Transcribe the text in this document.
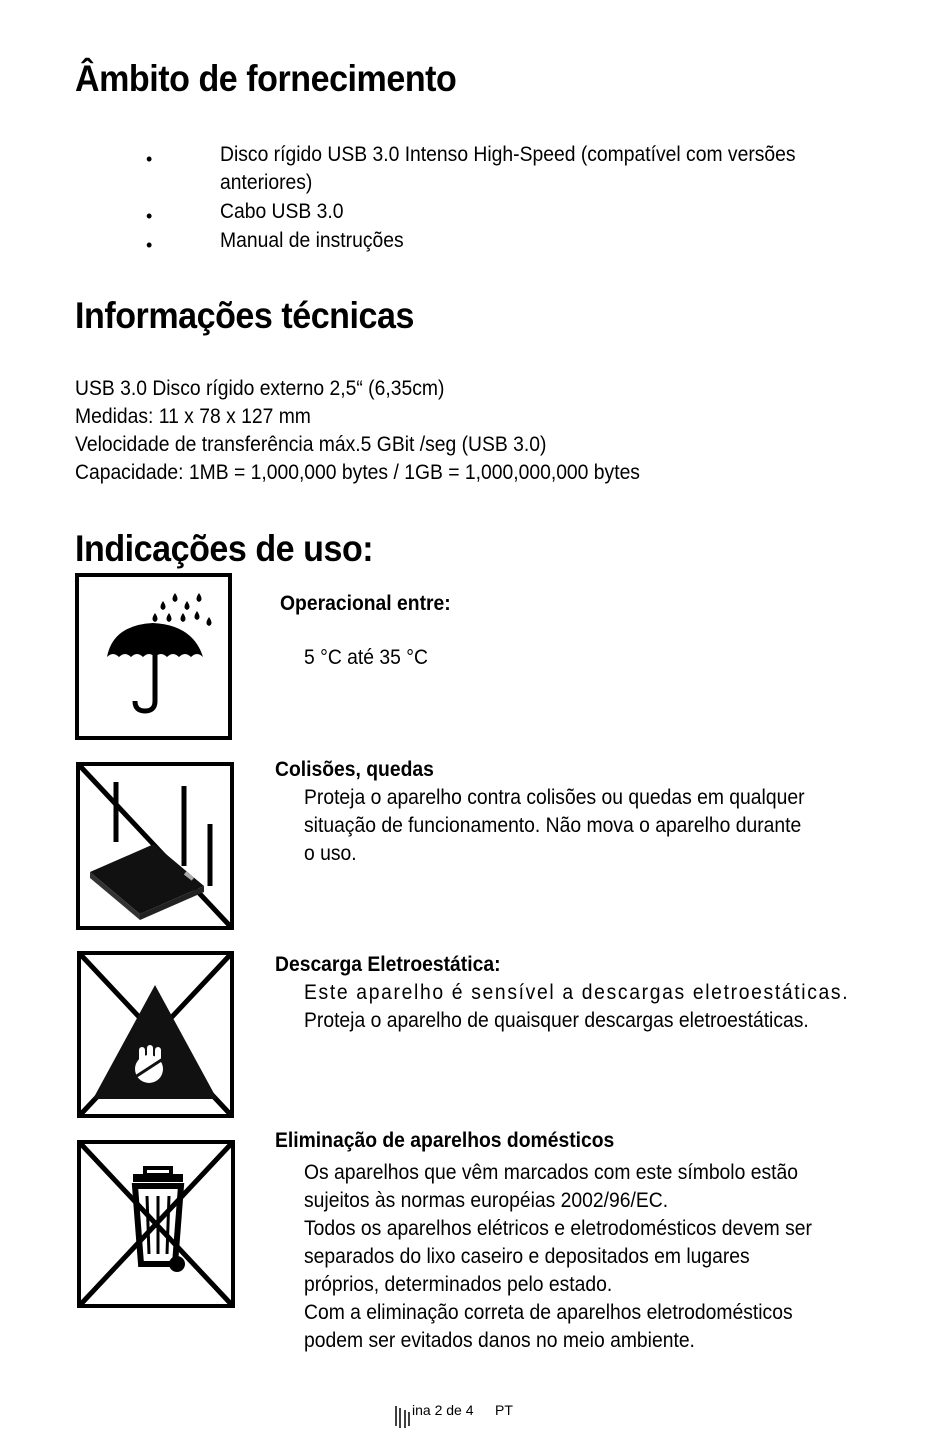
Âmbito de fornecimento
•	Disco rígido USB 3.0 Intenso High-Speed (compatível com versões
anteriores)
•	Cabo USB 3.0
•	Manual de instruções
Informações técnicas
USB 3.0 Disco rígido externo 2,5“ (6,35cm)
Medidas: 11 x 78 x 127 mm
Velocidade de transferência máx.5 GBit /seg (USB 3.0)
Capacidade: 1MB = 1,000,000 bytes / 1GB = 1,000,000,000 bytes
Indicações de uso:
Operacional entre:
5 °C até 35 °C
Colisões, quedas
Proteja o aparelho contra colisões ou quedas em qualquer
situação de funcionamento. Não mova o aparelho durante
o uso.
Descarga Eletroestática:
Este aparelho é sensível a descargas eletroestáticas.
Proteja o aparelho de quaisquer descargas eletroestáticas.
Eliminação de aparelhos domésticos
Os aparelhos que vêm marcados com este símbolo estão
sujeitos às normas européias 2002/96/EC.
Todos os aparelhos elétricos e eletrodomésticos devem ser
separados do lixo caseiro e depositados em lugares
próprios, determinados pelo estado.
Com a eliminação correta de aparelhos eletrodomésticos
podem ser evitados danos no meio ambiente.
ina 2 de 4 PT
